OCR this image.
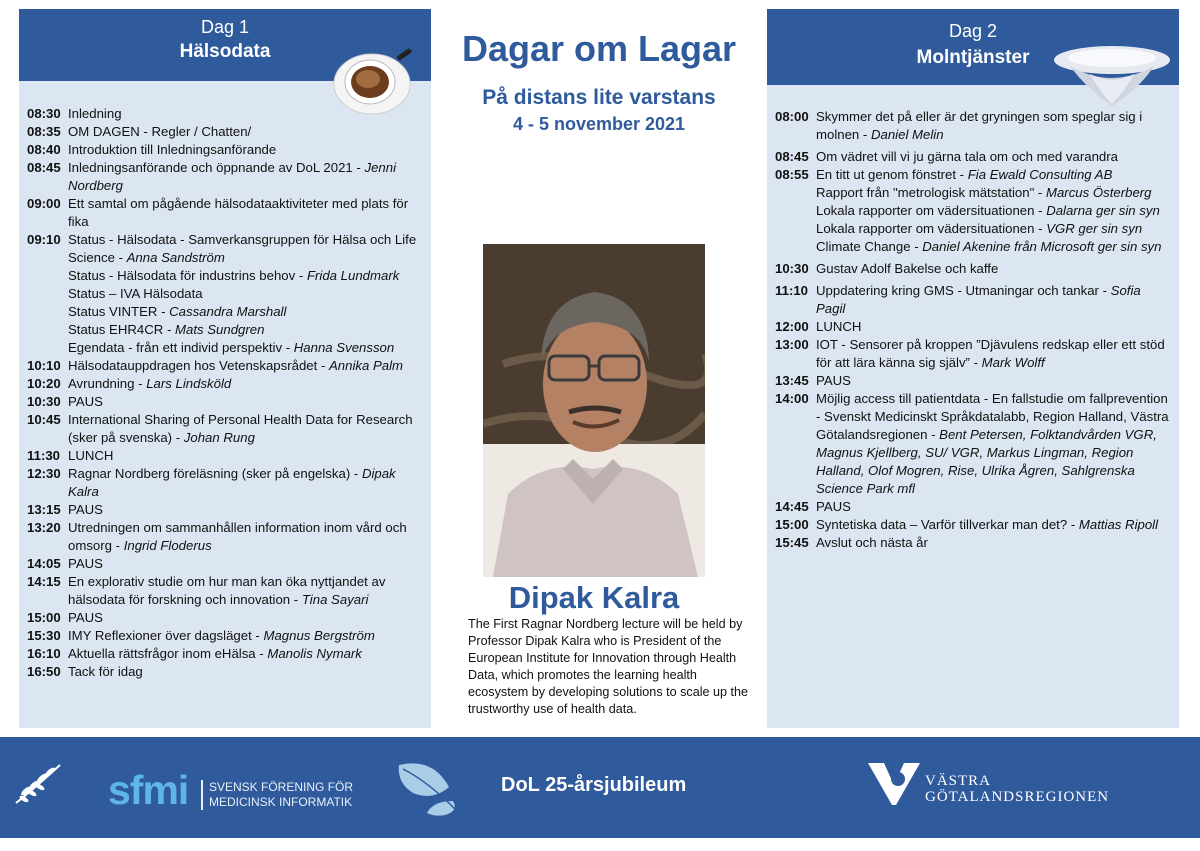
Dag 1
Hälsodata
08:30 Inledning
08:35 OM DAGEN - Regler / Chatten/
08:40 Introduktion till Inledningsanförande
08:45 Inledningsanförande och öppnande av DoL 2021 - Jenni Nordberg
09:00 Ett samtal om pågående hälsodataaktiviteter med plats för fika
09:10 Status - Hälsodata - Samverkansgruppen för Hälsa och Life Science - Anna Sandström
Status - Hälsodata för industrins behov - Frida Lundmark
Status – IVA Hälsodata
Status VINTER - Cassandra Marshall
Status EHR4CR - Mats Sundgren
Egendata - från ett individ perspektiv - Hanna Svensson
10:10 Hälsodatauppdragen hos Vetenskapsrådet - Annika Palm
10:20 Avrundning - Lars Lindsköld
10:30 PAUS
10:45 International Sharing of Personal Health Data for Research (sker på svenska) - Johan Rung
11:30 LUNCH
12:30 Ragnar Nordberg föreläsning (sker på engelska) - Dipak Kalra
13:15 PAUS
13:20 Utredningen om sammanhållen information inom vård och omsorg - Ingrid Floderus
14:05 PAUS
14:15 En explorativ studie om hur man kan öka nyttjandet av hälsodata för forskning och innovation - Tina Sayari
15:00 PAUS
15:30 IMY Reflexioner över dagsläget - Magnus Bergström
16:10 Aktuella rättsfrågor inom eHälsa - Manolis Nymark
16:50 Tack för idag
Dagar om Lagar
På distans lite varstans
4 - 5 november 2021
Dipak Kalra
The First Ragnar Nordberg lecture will be held by Professor Dipak Kalra who is President of the European Institute for Innovation through Health Data, which promotes the learning health ecosystem by developing solutions to scale up the trustworthy use of health data.
Dag 2
Molntjänster
08:00 Skymmer det på eller är det gryningen som speglar sig i molnen - Daniel Melin
08:45 Om vädret vill vi ju gärna tala om och med varandra
08:55 En titt ut genom fönstret - Fia Ewald Consulting AB
Rapport från "metrologisk mätstation" - Marcus Österberg
Lokala rapporter om vädersituationen - Dalarna ger sin syn
Lokala rapporter om vädersituationen - VGR ger sin syn
Climate Change - Daniel Akenine från Microsoft ger sin syn
10:30 Gustav Adolf Bakelse och kaffe
11:10 Uppdatering kring GMS - Utmaningar och tankar - Sofia Pagil
12:00 LUNCH
13:00 IOT - Sensorer på kroppen ”Djävulens redskap eller ett stöd för att lära känna sig själv” - Mark Wolff
13:45 PAUS
14:00 Möjlig access till patientdata - En fallstudie om fallprevention - Svenskt Medicinskt Språkdatalabb, Region Halland, Västra Götalandsregionen - Bent Petersen, Folktandvården VGR, Magnus Kjellberg, SU/ VGR, Markus Lingman, Region Halland, Olof Mogren, Rise, Ulrika Ågren, Sahlgrenska Science Park mfl
14:45 PAUS
15:00 Syntetiska data – Varför tillverkar man det? - Mattias Ripoll
15:45 Avslut och nästa år
sfmi SVENSK FÖRENING FÖR
MEDICINSK INFORMATIK
DoL 25-årsjubileum	VÄSTRA
GÖTALANDSREGIONEN
